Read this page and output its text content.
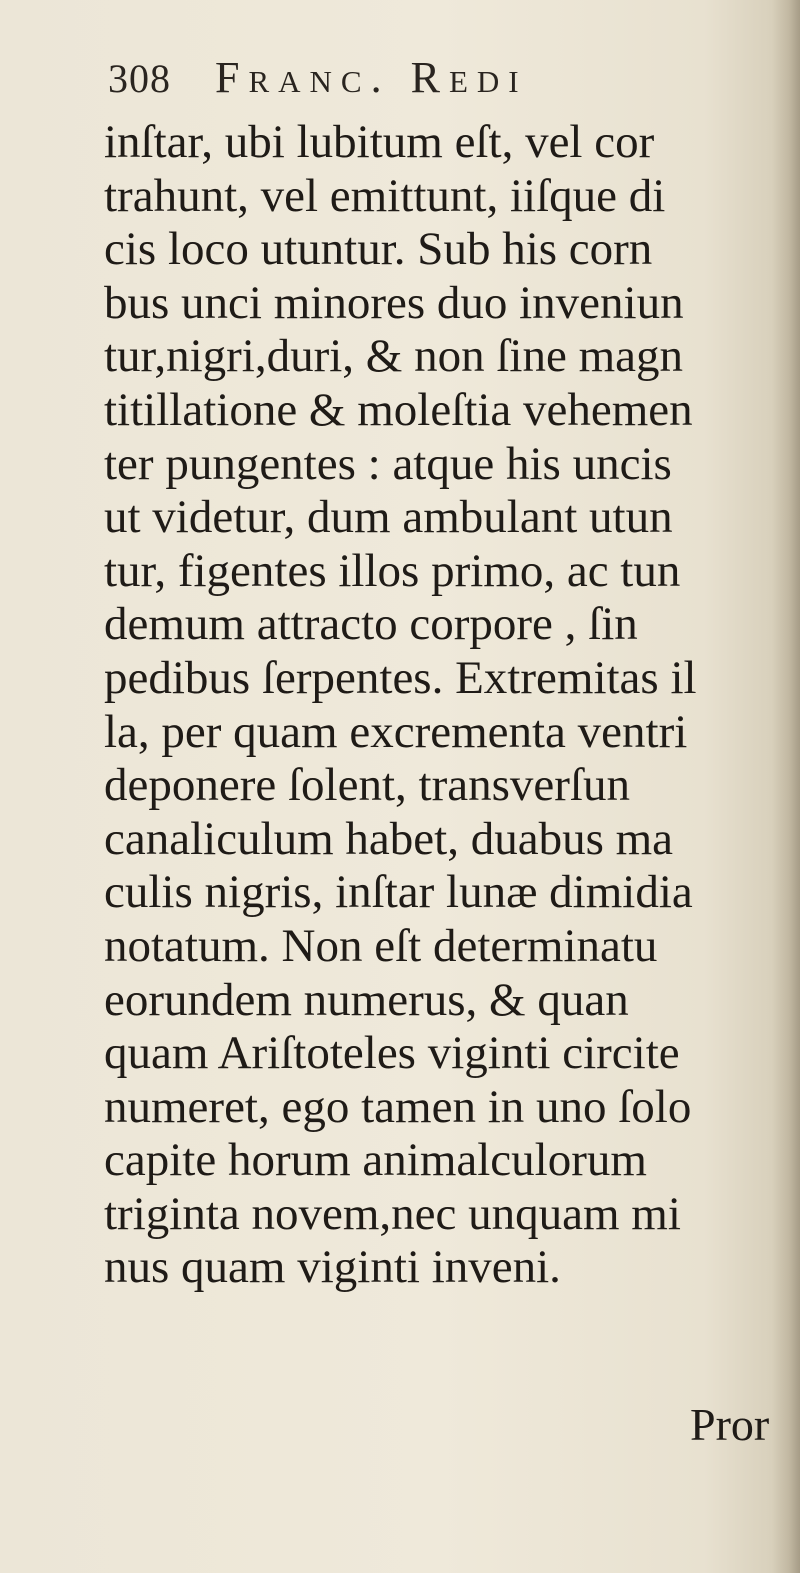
308 Franc. Redi
inſtar, ubi lubitum eſt, vel cor
trahunt, vel emittunt, iiſque di
cis loco utuntur. Sub his corn
bus unci minores duo inveniun
tur,nigri,duri, & non ſine magn
titillatione & moleſtia vehemen
ter pungentes : atque his uncis
ut videtur, dum ambulant utun
tur, figentes illos primo, ac tun
demum attracto corpore , ſin
pedibus ſerpentes. Extremitas il
la, per quam excrementa ventri
deponere ſolent, transverſun
canaliculum habet, duabus ma
culis nigris, inſtar lunæ dimidia
notatum. Non eſt determinatu
eorundem numerus, & quan
quam Ariſtoteles viginti circite
numeret, ego tamen in uno ſolo
capite horum animalculorum
triginta novem,nec unquam mi
nus quam viginti inveni.
Pror
